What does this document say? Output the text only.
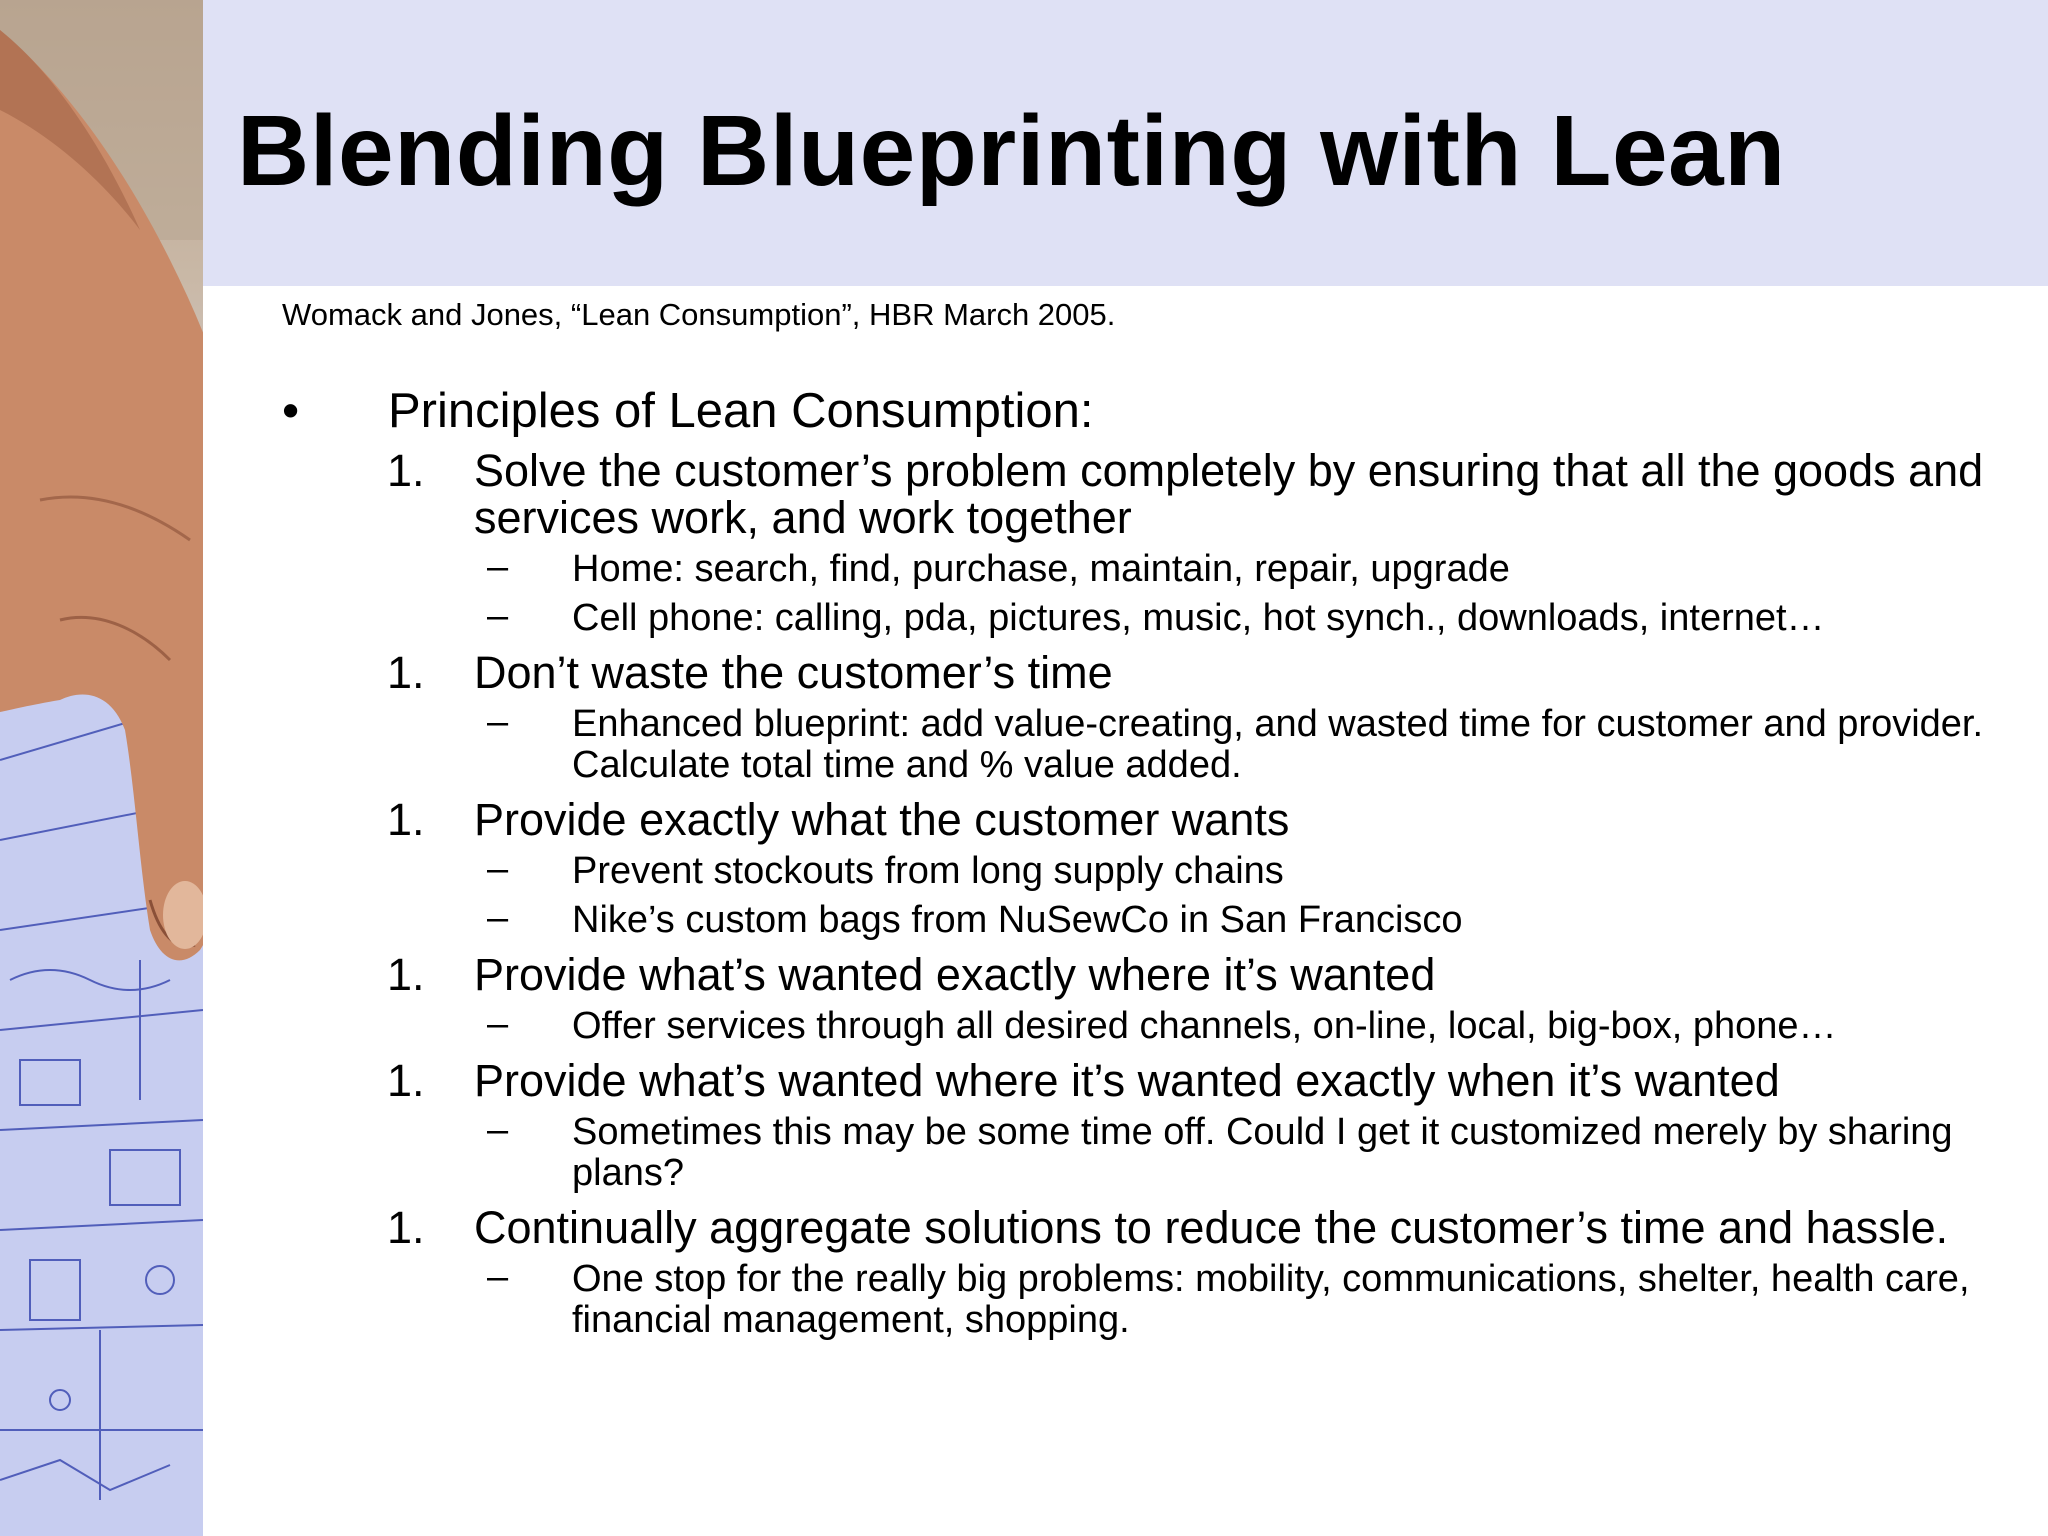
Blending Blueprinting with Lean
Womack and Jones, “Lean Consumption”, HBR March 2005.
• Principles of Lean Consumption:
1. Solve the customer’s problem completely by ensuring that all the goods and services work, and work together
– Home: search, find, purchase, maintain, repair, upgrade
– Cell phone: calling, pda, pictures, music, hot synch., downloads, internet…
1. Don’t waste the customer’s time
– Enhanced blueprint: add value-creating, and wasted time for customer and provider. Calculate total time and % value added.
1. Provide exactly what the customer wants
– Prevent stockouts from long supply chains
– Nike’s custom bags from NuSewCo in San Francisco
1. Provide what’s wanted exactly where it’s wanted
– Offer services through all desired channels, on-line, local, big-box, phone…
1. Provide what’s wanted where it’s wanted exactly when it’s wanted
– Sometimes this may be some time off. Could I get it customized merely by sharing plans?
1. Continually aggregate solutions to reduce the customer’s time and hassle.
– One stop for the really big problems: mobility, communications, shelter, health care, financial management, shopping.
